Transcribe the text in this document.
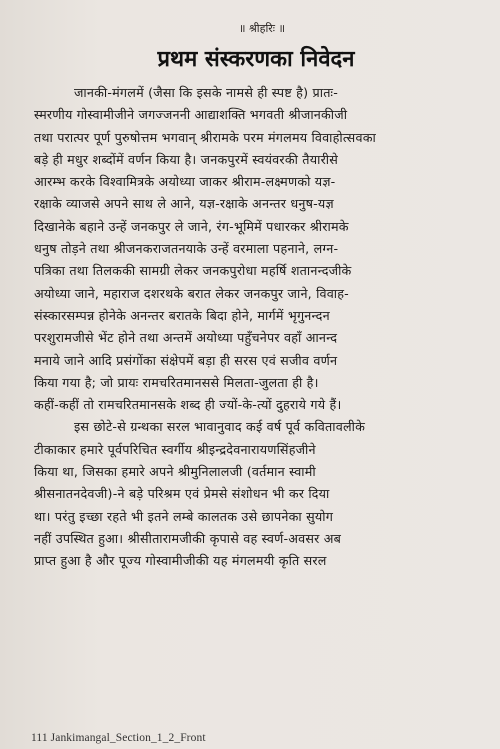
॥ श्रीहरिः ॥
प्रथम संस्करणका निवेदन

जानकी-मंगलमें (जैसा कि इसके नामसे ही स्पष्ट है) प्रातः-
स्मरणीय गोस्वामीजीने जगज्जननी आद्याशक्ति भगवती श्रीजानकीजी
तथा परात्पर पूर्ण पुरुषोत्तम भगवान् श्रीरामके परम मंगलमय विवाहोत्सवका
बड़े ही मधुर शब्दोंमें वर्णन किया है। जनकपुरमें स्वयंवरकी तैयारीसे
आरम्भ करके विश्वामित्रके अयोध्या जाकर श्रीराम-लक्ष्मणको यज्ञ-
रक्षाके व्याजसे अपने साथ ले आने, यज्ञ-रक्षाके अनन्तर धनुष-यज्ञ
दिखानेके बहाने उन्हें जनकपुर ले जाने, रंग-भूमिमें पधारकर श्रीरामके
धनुष तोड़ने तथा श्रीजनकराजतनयाके उन्हें वरमाला पहनाने, लग्न-
पत्रिका तथा तिलककी सामग्री लेकर जनकपुरोधा महर्षि शतानन्दजीके
अयोध्या जाने, महाराज दशरथके बरात लेकर जनकपुर जाने, विवाह-
संस्कारसम्पन्न होनेके अनन्तर बरातके बिदा होने, मार्गमें भृगुनन्दन
परशुरामजीसे भेंट होने तथा अन्तमें अयोध्या पहुँचनेपर वहाँ आनन्द
मनाये जाने आदि प्रसंगोंका संक्षेपमें बड़ा ही सरस एवं सजीव वर्णन
किया गया है; जो प्रायः रामचरितमानससे मिलता-जुलता ही है।
कहीं-कहीं तो रामचरितमानसके शब्द ही ज्यों-के-त्यों दुहराये गये हैं।

इस छोटे-से ग्रन्थका सरल भावानुवाद कई वर्ष पूर्व कवितावलीके
टीकाकार हमारे पूर्वपरिचित स्वर्गीय श्रीइन्द्रदेवनारायणसिंहजीने
किया था, जिसका हमारे अपने श्रीमुनिलालजी (वर्तमान स्वामी
श्रीसनातनदेवजी)-ने बड़े परिश्रम एवं प्रेमसे संशोधन भी कर दिया
था। परंतु इच्छा रहते भी इतने लम्बे कालतक उसे छापनेका सुयोग
नहीं उपस्थित हुआ। श्रीसीतारामजीकी कृपासे वह स्वर्ण-अवसर अब
प्राप्त हुआ है और पूज्य गोस्वामीजीकी यह मंगलमयी कृति सरल

111 Jankimangal_Section_1_2_Front
